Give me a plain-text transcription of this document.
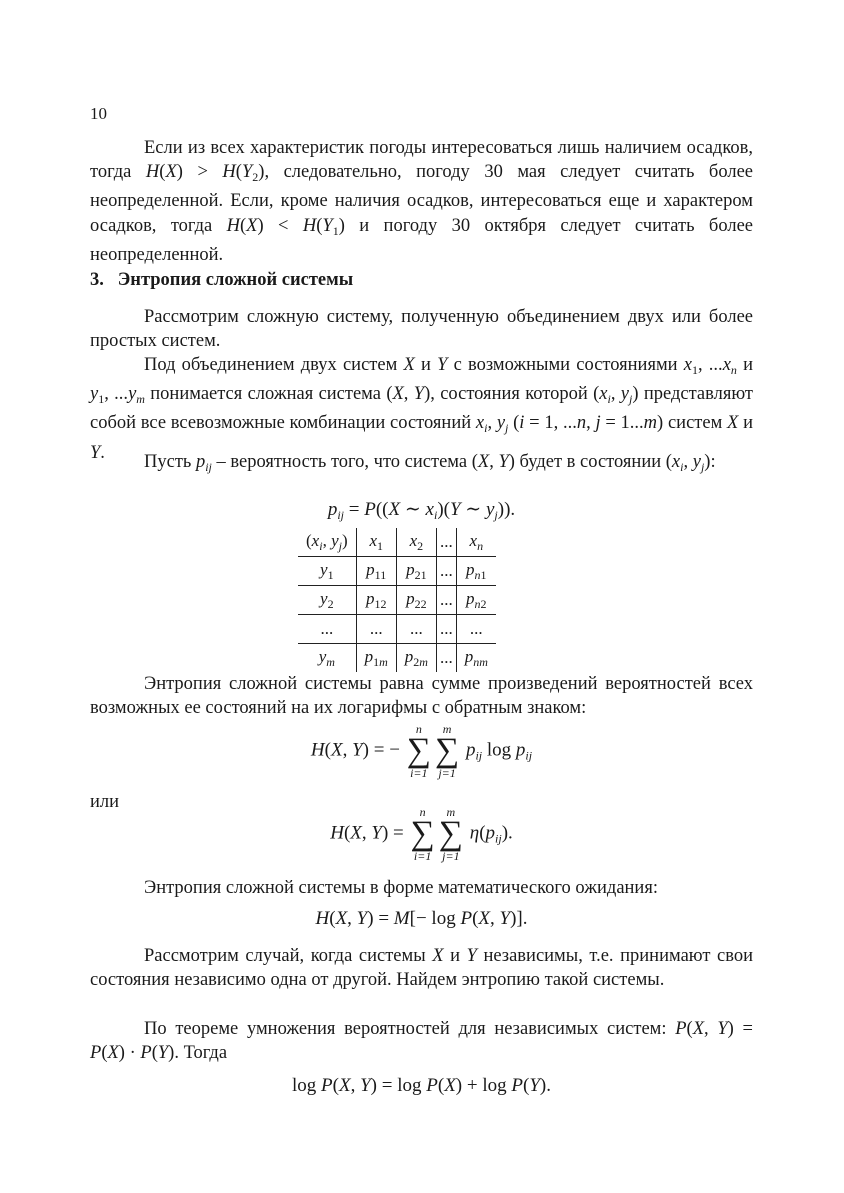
10

Если из всех характеристик погоды интересоваться лишь наличием осадков, тогда $H(X) > H(Y_2)$, следовательно, погоду 30 мая следует считать более неопределенной. Если, кроме наличия осадков, интересоваться еще и характером осадков, тогда $H(X) < H(Y_1)$ и погоду 30 октября следует считать более неопределенной.

3. Энтропия сложной системы

Рассмотрим сложную систему, полученную объединением двух или более простых систем.

Под объединением двух систем X и Y с возможными состояниями $x_1$, $...x_n$ и $y_1$, $...y_m$ понимается сложная система (X, Y), состояния которой ($x_i$, $y_j$) представляют собой все всевозможные комбинации состояний $x_i$, $y_j$ (i = 1, ...n, j = 1...m) систем X и Y.	Пусть $p_{ij}$ – вероятность того, что система (X, Y) будет в состоянии ($x_i$, $y_j$):

$p_{ij} = P((X$ ∼ $x_i)(Y$ ∼ $y_j$)).
($x_i$, $y_j$)	$x_1$	$x_2$	...	$x_n$
$y_1$	$p_{11}$	$p_{21}$	...	$p_{n1}$
$y_2$	$p_{12}$	$p_{22}$	...	$p_{n2}$
...	...	...	...	...
$y_m$	$p_{1m}$	$p_{2m}$	...	$p_{nm}$

Энтропия сложной системы равна сумме произведений вероятностей всех возможных ее состояний на их логарифмы с обратным знаком:

H(X, Y) = −
n
∑
i=1
m
∑
j=1
$p_{ij}$ $\log p_{ij}$
или
H(X, Y) =
n
∑
i=1
m
∑
j=1
$\eta(p_{ij})$.

Энтропия сложной системы в форме математического ожидания:

H(X, Y) = M[− log P(X, Y)].

Рассмотрим случай, когда системы X и Y независимы, т.е. принимают свои состояния независимо одна от другой. Найдем энтропию такой системы.

По теореме умножения вероятностей для независимых систем: P(X, Y) = P(X) · P(Y). Тогда

log P(X, Y) = log P(X) + log P(Y).
